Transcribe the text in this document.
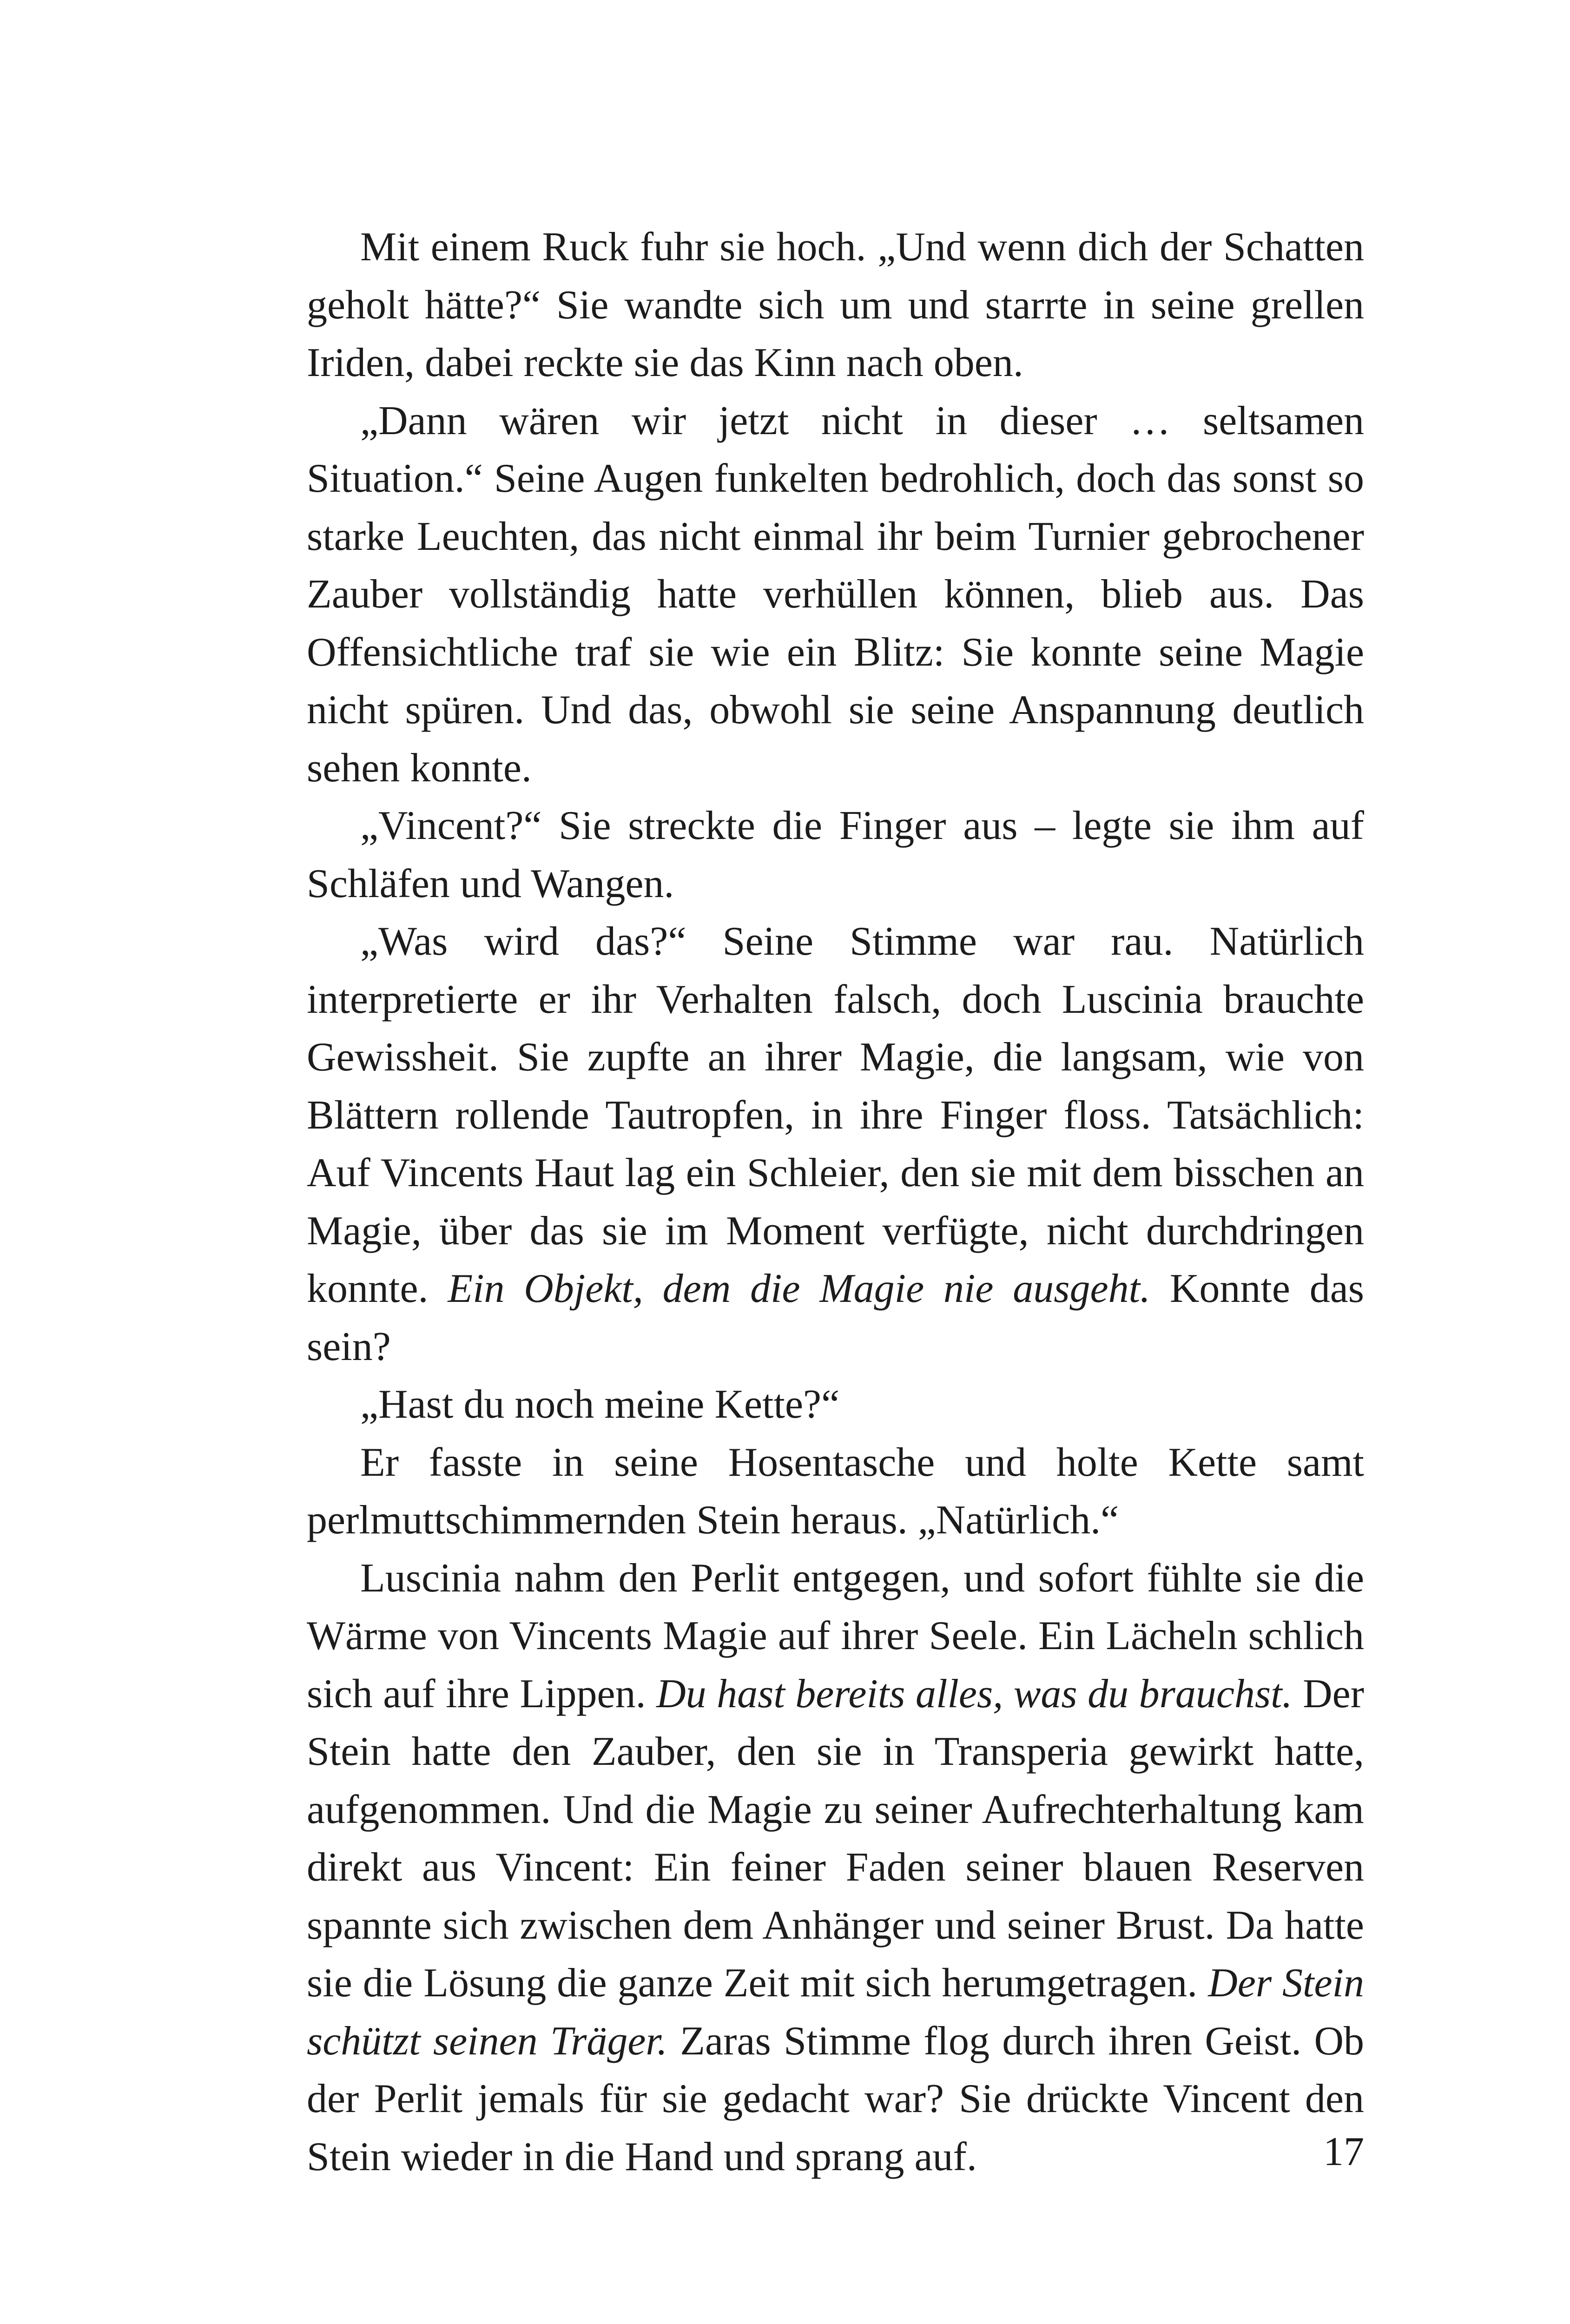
Mit einem Ruck fuhr sie hoch. „Und wenn dich der Schatten geholt hätte?“ Sie wandte sich um und starrte in seine grellen Iriden, dabei reckte sie das Kinn nach oben.

„Dann wären wir jetzt nicht in dieser … seltsamen Situation.“ Seine Augen funkelten bedrohlich, doch das sonst so starke Leuchten, das nicht einmal ihr beim Turnier gebrochener Zauber vollständig hatte verhüllen können, blieb aus. Das Offensichtliche traf sie wie ein Blitz: Sie konnte seine Magie nicht spüren. Und das, obwohl sie seine Anspannung deutlich sehen konnte.

„Vincent?“ Sie streckte die Finger aus – legte sie ihm auf Schläfen und Wangen.

„Was wird das?“ Seine Stimme war rau. Natürlich interpretierte er ihr Verhalten falsch, doch Luscinia brauchte Gewissheit. Sie zupfte an ihrer Magie, die langsam, wie von Blättern rollende Tautropfen, in ihre Finger floss. Tatsächlich: Auf Vincents Haut lag ein Schleier, den sie mit dem bisschen an Magie, über das sie im Moment verfügte, nicht durchdringen konnte. Ein Objekt, dem die Magie nie ausgeht. Konnte das sein?

„Hast du noch meine Kette?“

Er fasste in seine Hosentasche und holte Kette samt perlmuttschimmernden Stein heraus. „Natürlich.“

Luscinia nahm den Perlit entgegen, und sofort fühlte sie die Wärme von Vincents Magie auf ihrer Seele. Ein Lächeln schlich sich auf ihre Lippen. Du hast bereits alles, was du brauchst. Der Stein hatte den Zauber, den sie in Transperia gewirkt hatte, aufgenommen. Und die Magie zu seiner Aufrechterhaltung kam direkt aus Vincent: Ein feiner Faden seiner blauen Reserven spannte sich zwischen dem Anhänger und seiner Brust. Da hatte sie die Lösung die ganze Zeit mit sich herumgetragen. Der Stein schützt seinen Träger. Zaras Stimme flog durch ihren Geist. Ob der Perlit jemals für sie gedacht war? Sie drückte Vincent den Stein wieder in die Hand und sprang auf.	17
